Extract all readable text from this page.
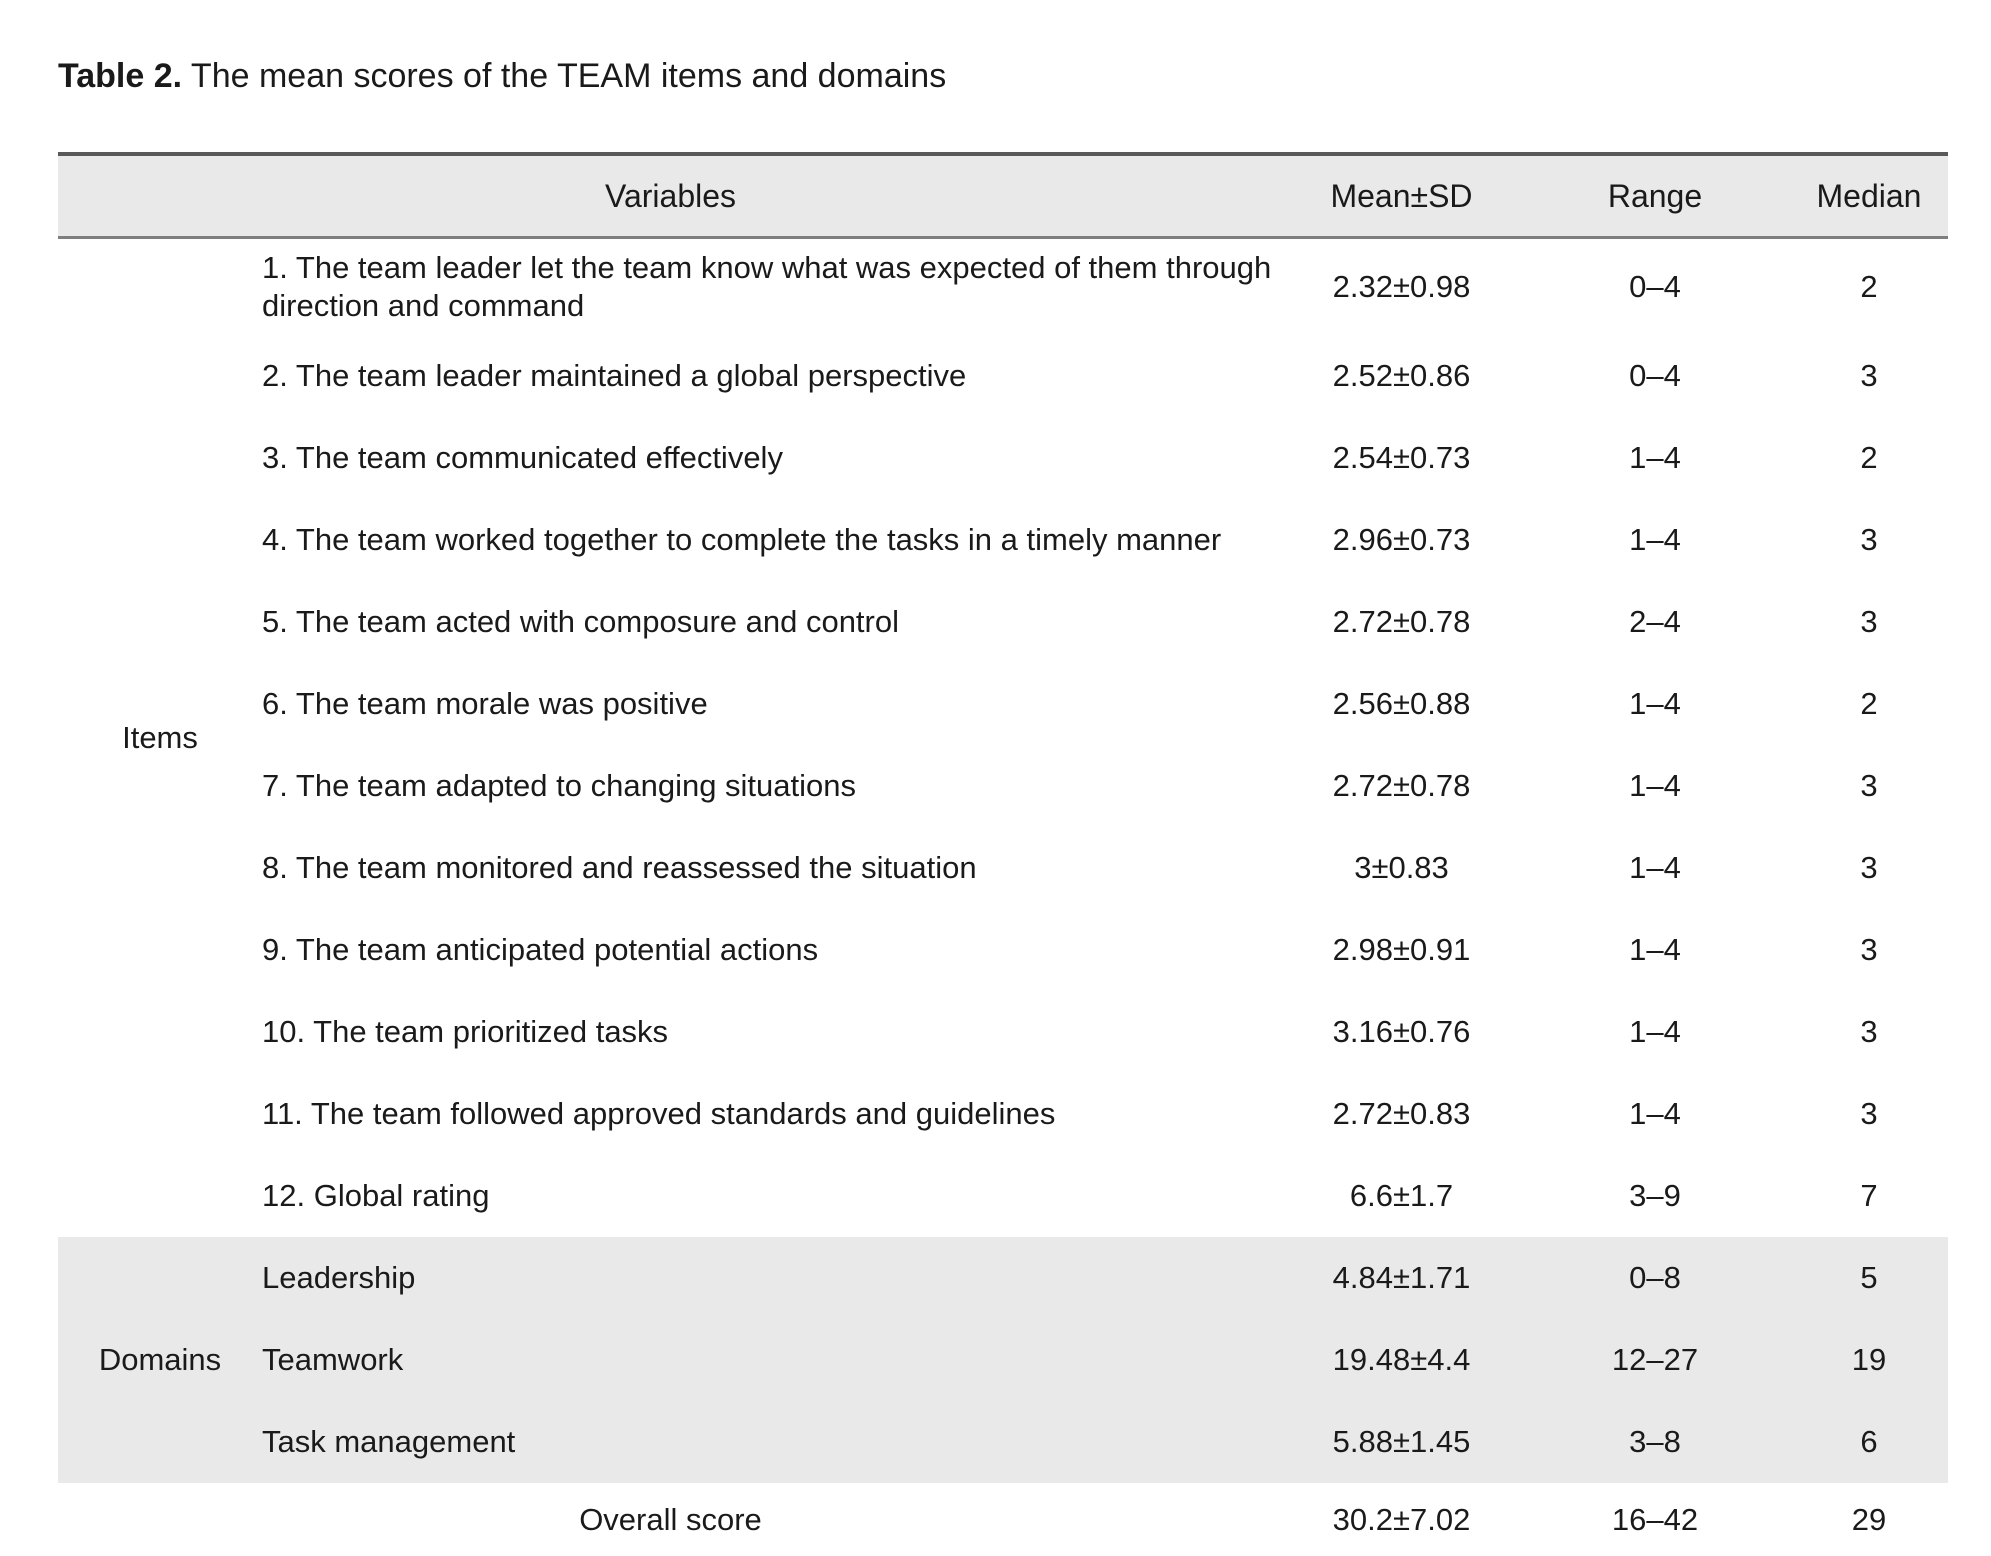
Table 2. The mean scores of the TEAM items and domains
Variables		Mean±SD	Range	Median
Items	1. The team leader let the team know what was expected of them through direction and command	2.32±0.98	0–4	2
	2. The team leader maintained a global perspective	2.52±0.86	0–4	3
	3. The team communicated effectively	2.54±0.73	1–4	2
	4. The team worked together to complete the tasks in a timely manner	2.96±0.73	1–4	3
	5. The team acted with composure and control	2.72±0.78	2–4	3
	6. The team morale was positive	2.56±0.88	1–4	2
	7. The team adapted to changing situations	2.72±0.78	1–4	3
	8. The team monitored and reassessed the situation	3±0.83	1–4	3
	9. The team anticipated potential actions	2.98±0.91	1–4	3
	10. The team prioritized tasks	3.16±0.76	1–4	3
	11. The team followed approved standards and guidelines	2.72±0.83	1–4	3
	12. Global rating	6.6±1.7	3–9	7
Domains	Leadership	4.84±1.71	0–8	5
	Teamwork	19.48±4.4	12–27	19
	Task management	5.88±1.45	3–8	6
Overall score		30.2±7.02	16–42	29
